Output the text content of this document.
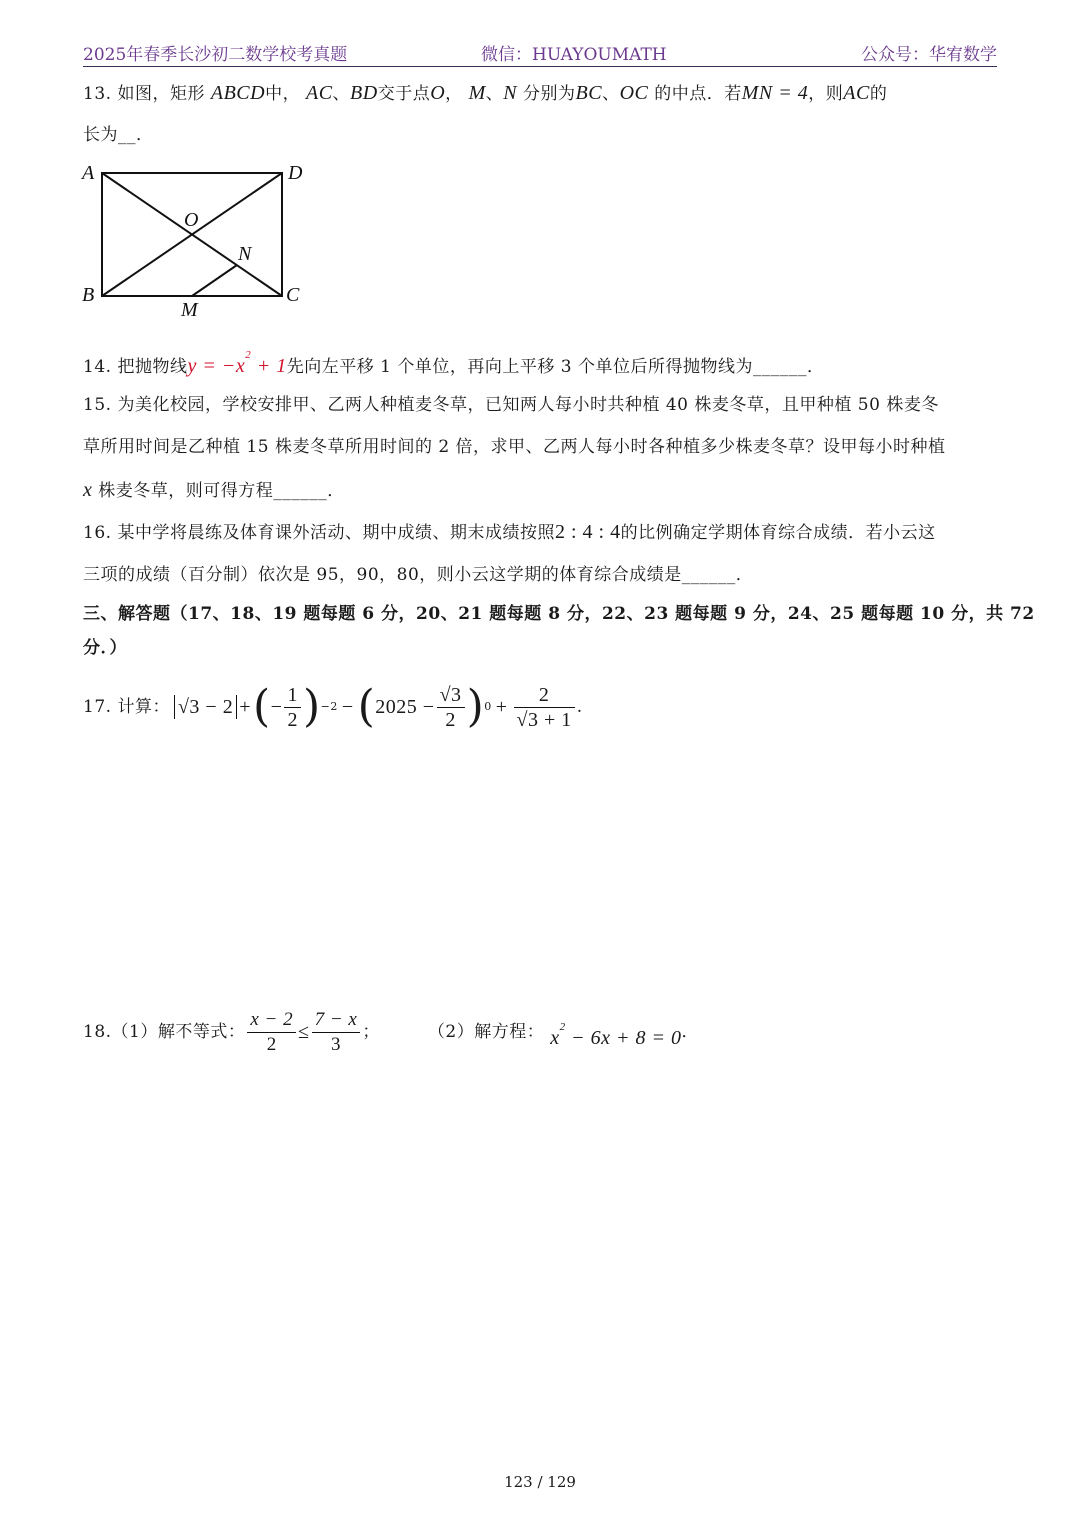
2025年春季长沙初二数学校考真题	微信：HUAYOUMATH	公众号：华宥数学
13. 如图，矩形 ABCD中， AC、BD交于点O， M、N 分别为BC、OC 的中点．若MN = 4，则AC的
长为__．
A	D
B	C
O
N
M
14. 把抛物线$y = -x^2 + 1$先向左平移 1 个单位，再向上平移 3 个单位后所得抛物线为______．
15. 为美化校园，学校安排甲、乙两人种植麦冬草，已知两人每小时共种植 40 株麦冬草，且甲种植 50 株麦冬
草所用时间是乙种植 15 株麦冬草所用时间的 2 倍，求甲、乙两人每小时各种植多少株麦冬草？设甲每小时种植
x 株麦冬草，则可得方程______．
16. 某中学将晨练及体育课外活动、期中成绩、期末成绩按照2 : 4 : 4的比例确定学期体育综合成绩．若小云这
三项的成绩（百分制）依次是 95，90，80，则小云这学期的体育综合成绩是______．
三、解答题（17、18、19 题每题 6 分，20、21 题每题 8 分，22、23 题每题 9 分，24、25 题每题 10 分，共 72
分．）
17. 计算： √3 − 2 + ( − $\frac{1}{2}$ ) −2 − ( $2025 - \frac{√3}{2}$ ) $0 + \frac{2}{√3 + 1}$ .
18.（1）解不等式： $\frac{x - 2}{2} \le \frac{7 - x}{3}$ ；	（2）解方程： $x^2 - 6x + 8 = 0$ ．
123 / 129
